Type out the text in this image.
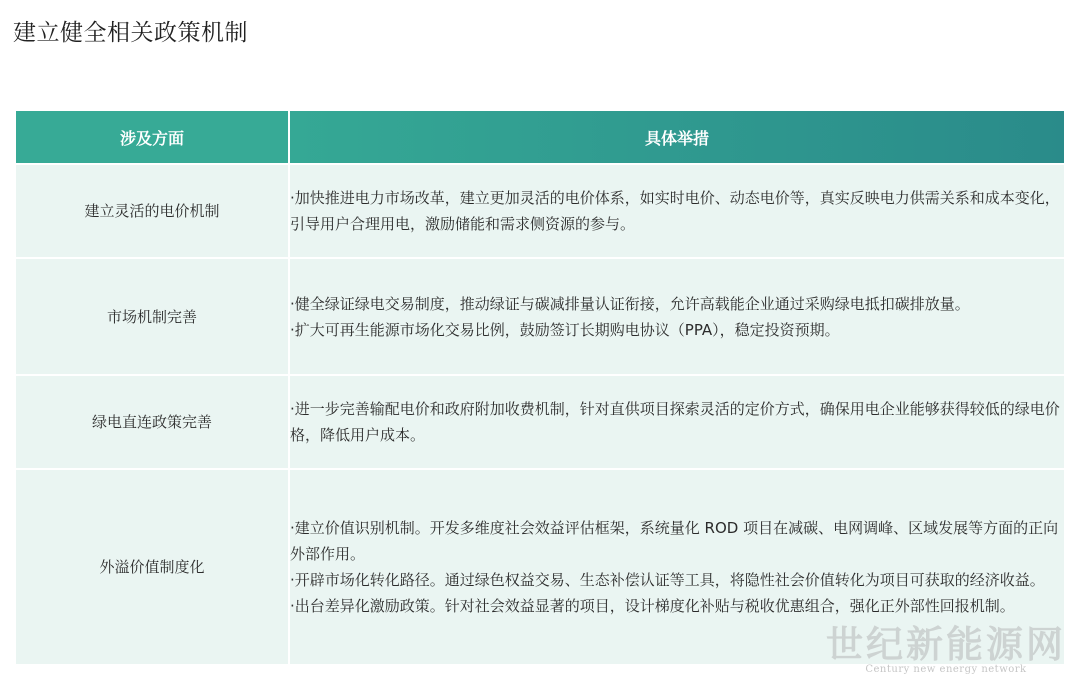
建立健全相关政策机制
涉及方面	具体举措
建立灵活的电价机制	·加快推进电力市场改革，建立更加灵活的电价体系，如实时电价、动态电价等，真实反映电力供需关系和成本变化，引导用户合理用电，激励储能和需求侧资源的参与。

市场机制完善	·健全绿证绿电交易制度，推动绿证与碳减排量认证衔接，允许高载能企业通过采购绿电抵扣碳排放量。
·扩大可再生能源市场化交易比例，鼓励签订长期购电协议（PPA），稳定投资预期。

绿电直连政策完善	·进一步完善输配电价和政府附加收费机制，针对直供项目探索灵活的定价方式，确保用电企业能够获得较低的绿电价格，降低用户成本。

外溢价值制度化	·建立价值识别机制。开发多维度社会效益评估框架，系统量化 ROD 项目在减碳、电网调峰、区域发展等方面的正向外部作用。
·开辟市场化转化路径。通过绿色权益交易、生态补偿认证等工具，将隐性社会价值转化为项目可获取的经济收益。
·出台差异化激励政策。针对社会效益显著的项目，设计梯度化补贴与税收优惠组合，强化正外部性回报机制。
世纪新能源网
Century new energy network
